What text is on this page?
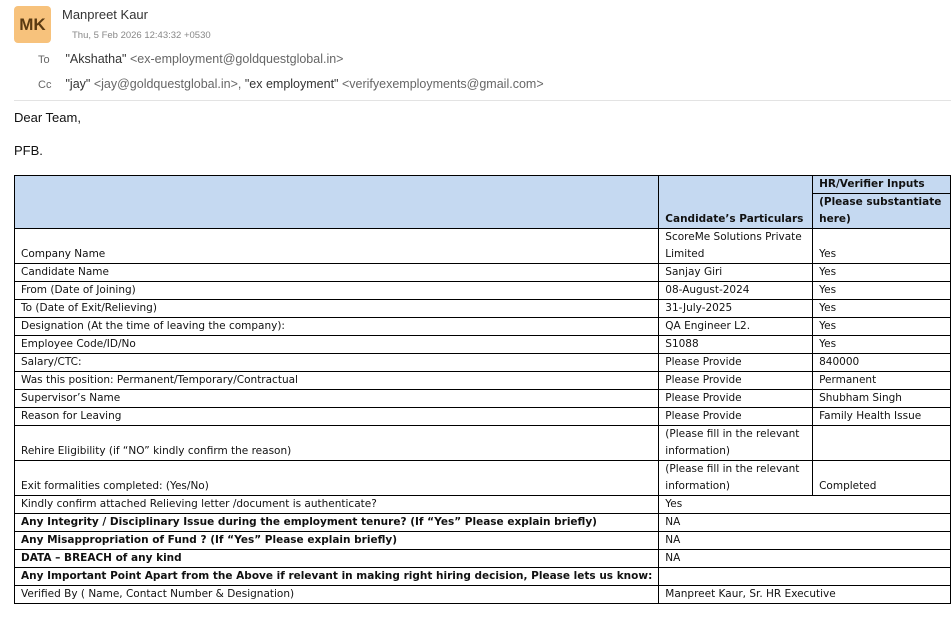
MK	Manpreet Kaur
Thu, 5 Feb 2026 12:43:32 +0530
To "Akshatha" <ex-employment@goldquestglobal.in>
Cc "jay" <jay@goldquestglobal.in>, "ex employment" <verifyexemployments@gmail.com>
Dear Team,
PFB.
	Candidate’s Particulars	HR/Verifier Inputs
(Please substantiate here)

Company Name	ScoreMe Solutions Private Limited	Yes
Candidate Name	Sanjay Giri	Yes
From (Date of Joining)	08-August-2024	Yes
To (Date of Exit/Relieving)	31-July-2025	Yes
Designation (At the time of leaving the company):	QA Engineer L2.	Yes
Employee Code/ID/No	S1088	Yes
Salary/CTC:	Please Provide	840000
Was this position: Permanent/Temporary/Contractual	Please Provide	Permanent
Supervisor’s Name	Please Provide	Shubham Singh
Reason for Leaving	Please Provide	Family Health Issue
Rehire Eligibility (if “NO” kindly confirm the reason)	(Please fill in the relevant information)	
Exit formalities completed: (Yes/No)	(Please fill in the relevant information)	Completed
Kindly confirm attached Relieving letter /document is authenticate?	Yes	
Any Integrity / Disciplinary Issue during the employment tenure? (If “Yes” Please explain briefly)	NA	
Any Misappropriation of Fund ? (If “Yes” Please explain briefly)	NA	
DATA – BREACH of any kind	NA	
Any Important Point Apart from the Above if relevant in making right hiring decision, Please lets us know:		
Verified By ( Name, Contact Number & Designation)	Manpreet Kaur, Sr. HR Executive	
